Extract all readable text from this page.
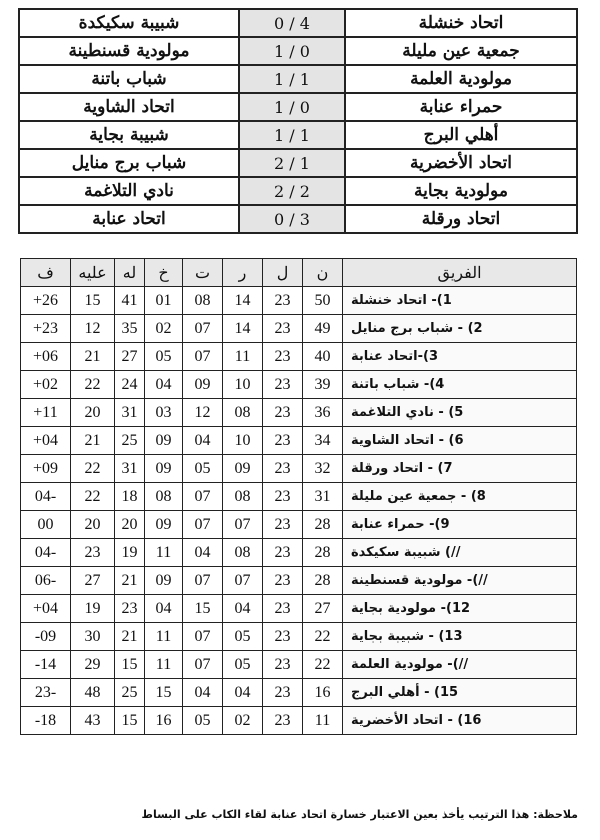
شبيبة سكيكدة	0 / 4	اتحاد خنشلة
مولودية قسنطينة	1 / 0	جمعية عين مليلة
شباب باتنة	1 / 1	مولودية العلمة
اتحاد الشاوية	1 / 0	حمراء عنابة
شبيبة بجاية	1 / 1	أهلي البرج
شباب برج منايل	2 / 1	اتحاد الأخضرية
نادي التلاغمة	2 / 2	مولودية بجاية
اتحاد عنابة	0 / 3	اتحاد ورقلة
ف	عليه	له	خ	ت	ر	ل	ن	الفريق
+26	15	41	01	08	14	23	50	1)- اتحاد خنشلة
+23	12	35	02	07	14	23	49	2) - شباب برج منايل
+06	21	27	05	07	11	23	40	3)-اتحاد عنابة
+02	22	24	04	09	10	23	39	4)- شباب باتنة
+11	20	31	03	12	08	23	36	5) - نادي التلاغمة
+04	21	25	09	04	10	23	34	6) - اتحاد الشاوية
+09	22	31	09	05	09	23	32	7) - اتحاد ورقلة
04-	22	18	08	07	08	23	31	8) - جمعية عين مليلة
00	20	20	09	07	07	23	28	9)- حمراء عنابة
04-	23	19	11	04	08	23	28	//) شبيبة سكيكدة
06-	27	21	09	07	07	23	28	//)- مولودية قسنطينة
+04	19	23	04	15	04	23	27	12)- مولودية بجاية
-09	30	21	11	07	05	23	22	13) - شبيبة بجاية
-14	29	15	11	07	05	23	22	//)- مولودية العلمة
23-	48	25	15	04	04	23	16	15) - أهلي البرج
-18	43	15	16	05	02	23	11	16) - اتحاد الأخضرية
ملاحظة: هذا الترتيب يأخذ بعين الاعتبار خسارة اتحاد عنابة لقاء الكاب على البساط
